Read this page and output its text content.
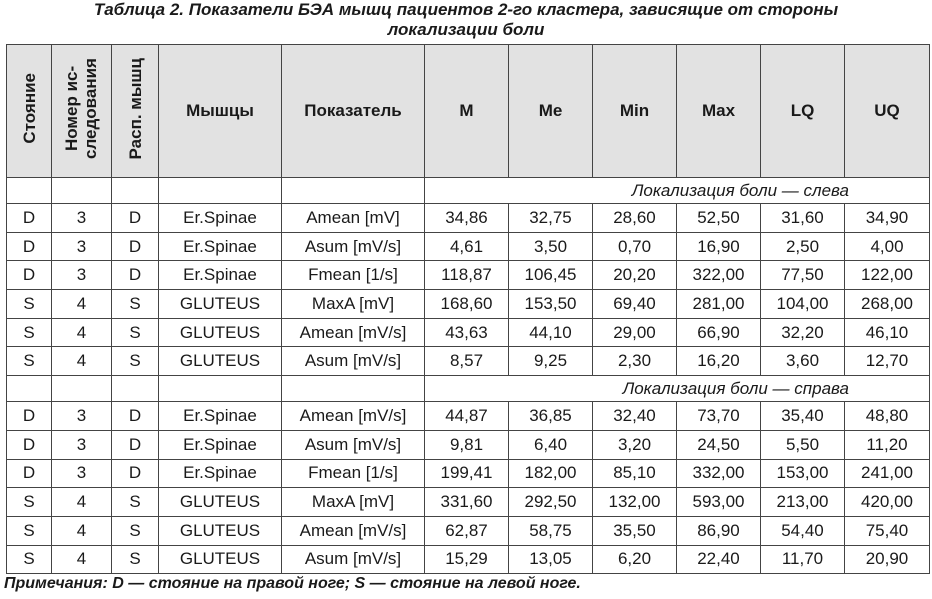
Таблица 2. Показатели БЭА мышц пациентов 2-го кластера, зависящие от стороны
локализации боли
Стояние	Номер ис-следования	Расп. мышц	Мышцы	Показатель	M	Me	Min	Max	LQ	UQ
					Локализация боли — слева					
D	3	D	Er.Spinae	Amean [mV]	34,86	32,75	28,60	52,50	31,60	34,90
D	3	D	Er.Spinae	Asum [mV/s]	4,61	3,50	0,70	16,90	2,50	4,00
D	3	D	Er.Spinae	Fmean [1/s]	118,87	106,45	20,20	322,00	77,50	122,00
S	4	S	GLUTEUS	MaxA [mV]	168,60	153,50	69,40	281,00	104,00	268,00
S	4	S	GLUTEUS	Amean [mV/s]	43,63	44,10	29,00	66,90	32,20	46,10
S	4	S	GLUTEUS	Asum [mV/s]	8,57	9,25	2,30	16,20	3,60	12,70
					Локализация боли — справа					
D	3	D	Er.Spinae	Amean [mV/s]	44,87	36,85	32,40	73,70	35,40	48,80
D	3	D	Er.Spinae	Asum [mV/s]	9,81	6,40	3,20	24,50	5,50	11,20
D	3	D	Er.Spinae	Fmean [1/s]	199,41	182,00	85,10	332,00	153,00	241,00
S	4	S	GLUTEUS	MaxA [mV]	331,60	292,50	132,00	593,00	213,00	420,00
S	4	S	GLUTEUS	Amean [mV/s]	62,87	58,75	35,50	86,90	54,40	75,40
S	4	S	GLUTEUS	Asum [mV/s]	15,29	13,05	6,20	22,40	11,70	20,90
Примечания: D — стояние на правой ноге; S — стояние на левой ноге.
